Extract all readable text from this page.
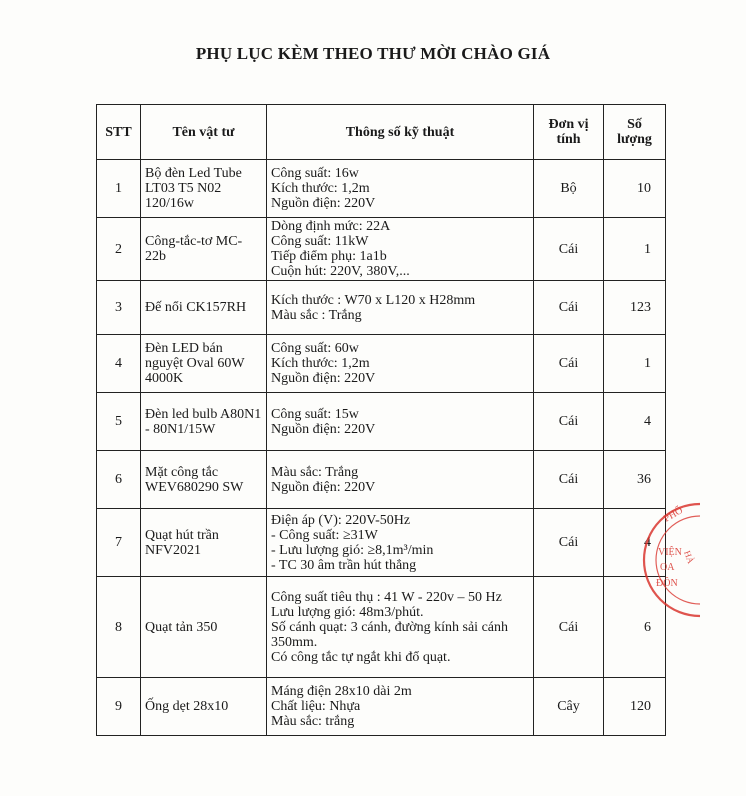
PHỤ LỤC KÈM THEO THƯ MỜI CHÀO GIÁ
STT	Tên vật tư	Thông số kỹ thuật	Đơn vị tính	Số lượng
1	Bộ đèn Led Tube LT03 T5 N02 120/16w	Công suất: 16w
Kích thước: 1,2m
Nguồn điện: 220V	Bộ	10
2	Công-tắc-tơ MC-22b	Dòng định mức: 22A
Công suất: 11kW
Tiếp điểm phụ: 1a1b
Cuộn hút: 220V, 380V,...	Cái	1
3	Đế nổi CK157RH	Kích thước : W70 x L120 x H28mm
Màu sắc : Trắng	Cái	123
4	Đèn LED bán nguyệt Oval 60W 4000K	Công suất: 60w
Kích thước: 1,2m
Nguồn điện: 220V	Cái	1
5	Đèn led bulb A80N1 - 80N1/15W	Công suất: 15w
Nguồn điện: 220V	Cái	4
6	Mặt công tắc WEV680290 SW	Màu sắc: Trắng
Nguồn điện: 220V	Cái	36
7	Quạt hút trần NFV2021	Điện áp (V): 220V-50Hz
- Công suất: ≥31W
- Lưu lượng gió: ≥8,1m³/min
- TC 30 âm trần hút thẳng	Cái	4
8	Quạt tản 350	Công suất tiêu thụ : 41 W - 220v – 50 Hz
Lưu lượng gió: 48m3/phút.
Số cánh quạt: 3 cánh, đường kính sải cánh 350mm.
Có công tắc tự ngắt khi đổ quạt.	Cái	6
9	Ống dẹt 28x10	Máng điện 28x10 dài 2m
Chất liệu: Nhựa
Màu sắc: trắng	Cây	120
PHỐ
VIỆN
OA
ĐÔN
HÀ
